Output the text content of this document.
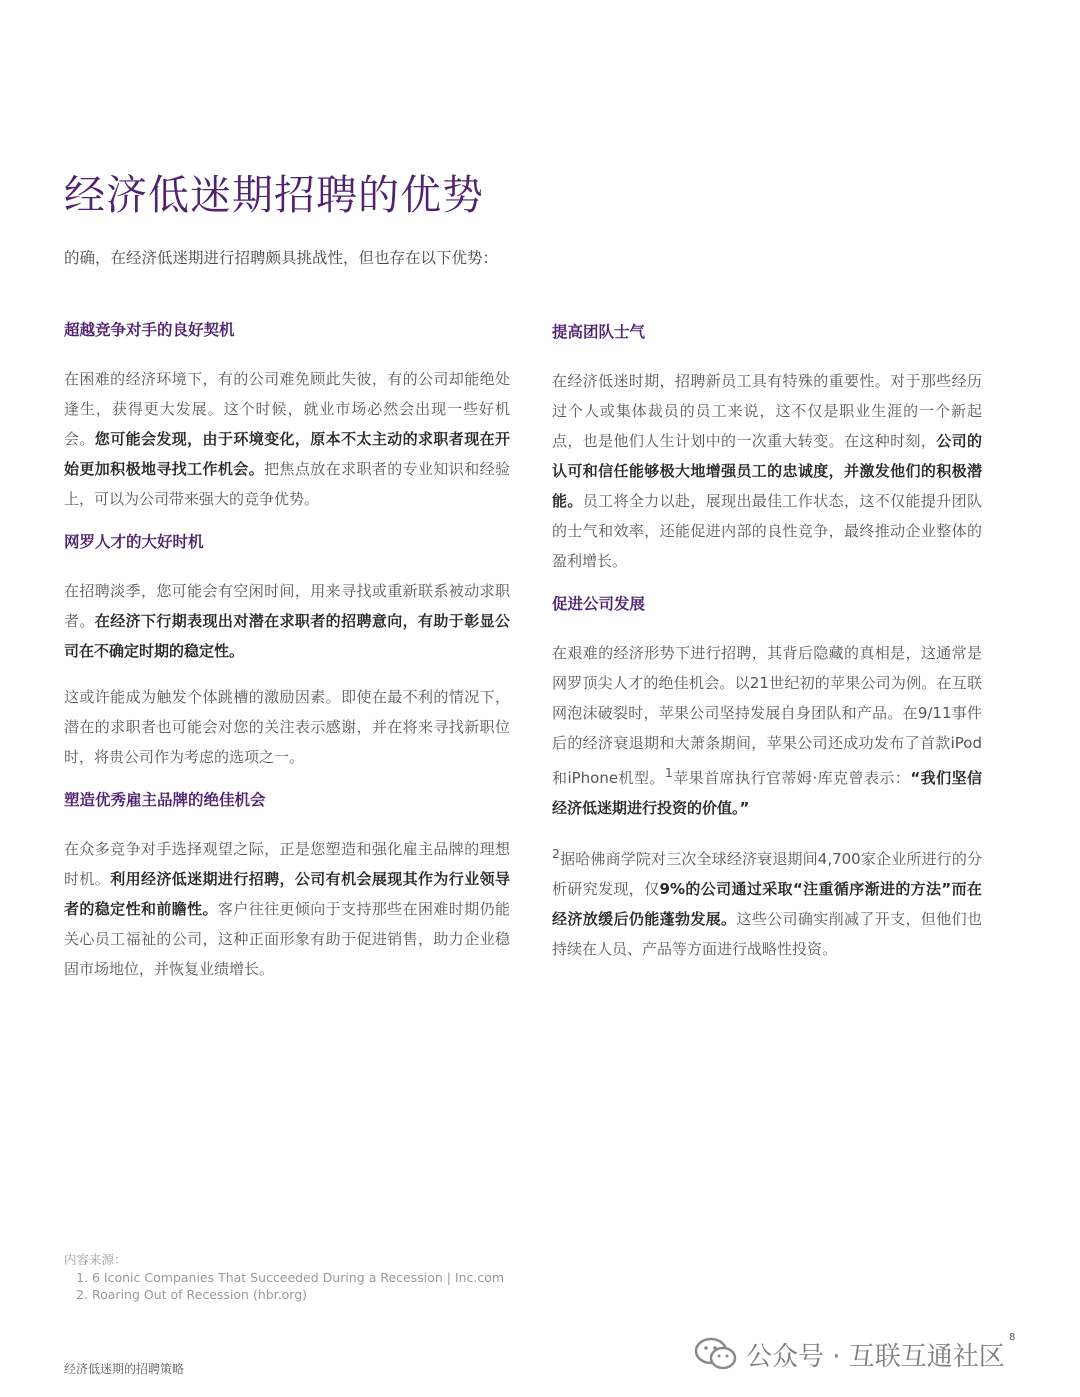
经济低迷期招聘的优势

的确，在经济低迷期进行招聘颇具挑战性，但也存在以下优势：

超越竞争对手的良好契机

在困难的经济环境下，有的公司难免顾此失彼，有的公司却能绝处逢生，获得更大发展。这个时候，就业市场必然会出现一些好机会。您可能会发现，由于环境变化，原本不太主动的求职者现在开始更加积极地寻找工作机会。把焦点放在求职者的专业知识和经验上，可以为公司带来强大的竞争优势。

网罗人才的大好时机

在招聘淡季，您可能会有空闲时间，用来寻找或重新联系被动求职者。在经济下行期表现出对潜在求职者的招聘意向，有助于彰显公司在不确定时期的稳定性。

这或许能成为触发个体跳槽的激励因素。即使在最不利的情况下，潜在的求职者也可能会对您的关注表示感谢，并在将来寻找新职位时，将贵公司作为考虑的选项之一。

塑造优秀雇主品牌的绝佳机会

在众多竞争对手选择观望之际，正是您塑造和强化雇主品牌的理想时机。利用经济低迷期进行招聘，公司有机会展现其作为行业领导者的稳定性和前瞻性。客户往往更倾向于支持那些在困难时期仍能关心员工福祉的公司，这种正面形象有助于促进销售，助力企业稳固市场地位，并恢复业绩增长。

提高团队士气

在经济低迷时期，招聘新员工具有特殊的重要性。对于那些经历过个人或集体裁员的员工来说，这不仅是职业生涯的一个新起点，也是他们人生计划中的一次重大转变。在这种时刻，公司的认可和信任能够极大地增强员工的忠诚度，并激发他们的积极潜能。员工将全力以赴，展现出最佳工作状态，这不仅能提升团队的士气和效率，还能促进内部的良性竞争，最终推动企业整体的盈利增长。

促进公司发展

在艰难的经济形势下进行招聘，其背后隐藏的真相是，这通常是网罗顶尖人才的绝佳机会。以21世纪初的苹果公司为例。在互联网泡沫破裂时，苹果公司坚持发展自身团队和产品。在9/11事件后的经济衰退期和大萧条期间，苹果公司还成功发布了首款iPod和iPhone机型。$^1$苹果首席执行官蒂姆·库克曾表示：“我们坚信经济低迷期进行投资的价值。”

$^2$据哈佛商学院对三次全球经济衰退期间4,700家企业所进行的分析研究发现，仅9%的公司通过采取“注重循序渐进的方法”而在经济放缓后仍能蓬勃发展。这些公司确实削减了开支，但他们也持续在人员、产品等方面进行战略性投资。

内容来源：
1. 6 Iconic Companies That Succeeded During a Recession | Inc.com
2. Roaring Out of Recession (hbr.org)
经济低迷期的招聘策略	公众号 · 互联互通社区
8
